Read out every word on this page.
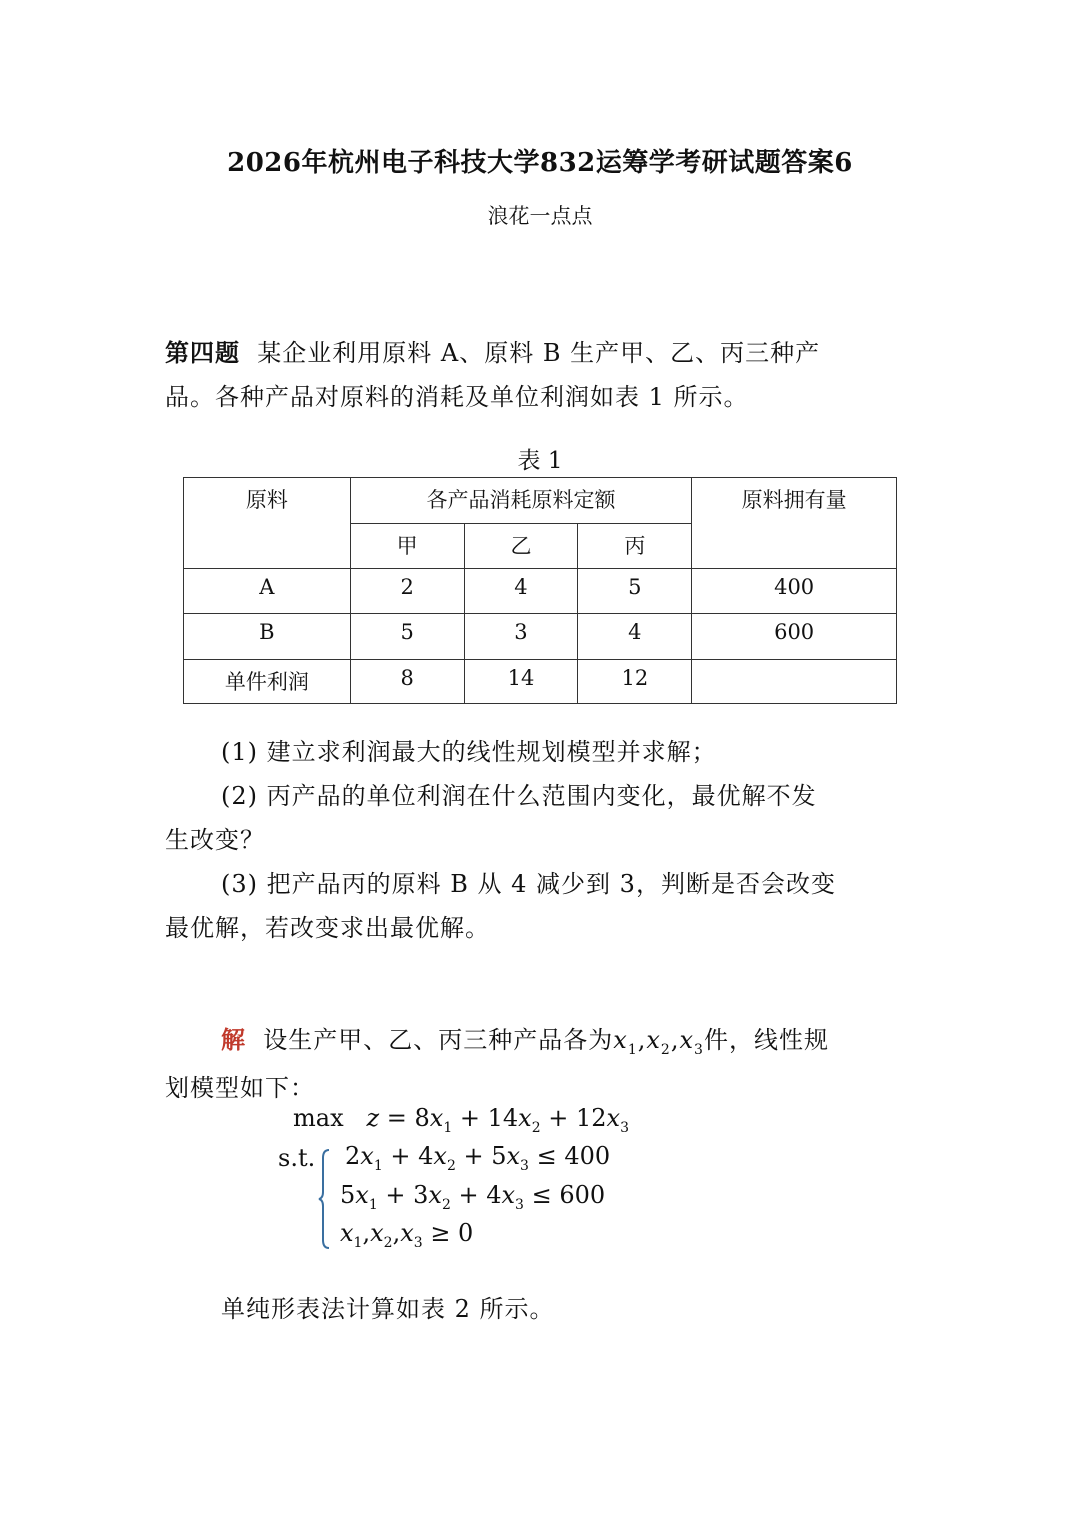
2026年杭州电子科技大学832运筹学考研试题答案6
浪花一点点
第四题 某企业利用原料 A、原料 B 生产甲、乙、丙三种产
品。各种产品对原料的消耗及单位利润如表 1 所示。
表 1
原料	各产品消耗原料定额			原料拥有量
	甲	乙	丙	
A	2	4	5	400
B	5	3	4	600
单件利润	8	14	12	
(1) 建立求利润最大的线性规划模型并求解；
(2) 丙产品的单位利润在什么范围内变化，最优解不发
生改变？
(3) 把产品丙的原料 B 从 4 减少到 3，判断是否会改变
最优解，若改变求出最优解。
解 设生产甲、乙、丙三种产品各为$x_1,x_2,x_3$件，线性规
划模型如下：
$\max z = 8x_1 + 14x_2 + 12x_3$
s.t. $2x_1 + 4x_2 + 5x_3 \le 400$
$5x_1 + 3x_2 + 4x_3 \le 600$
$x_1,x_2,x_3 \ge 0$
单纯形表法计算如表 2 所示。
